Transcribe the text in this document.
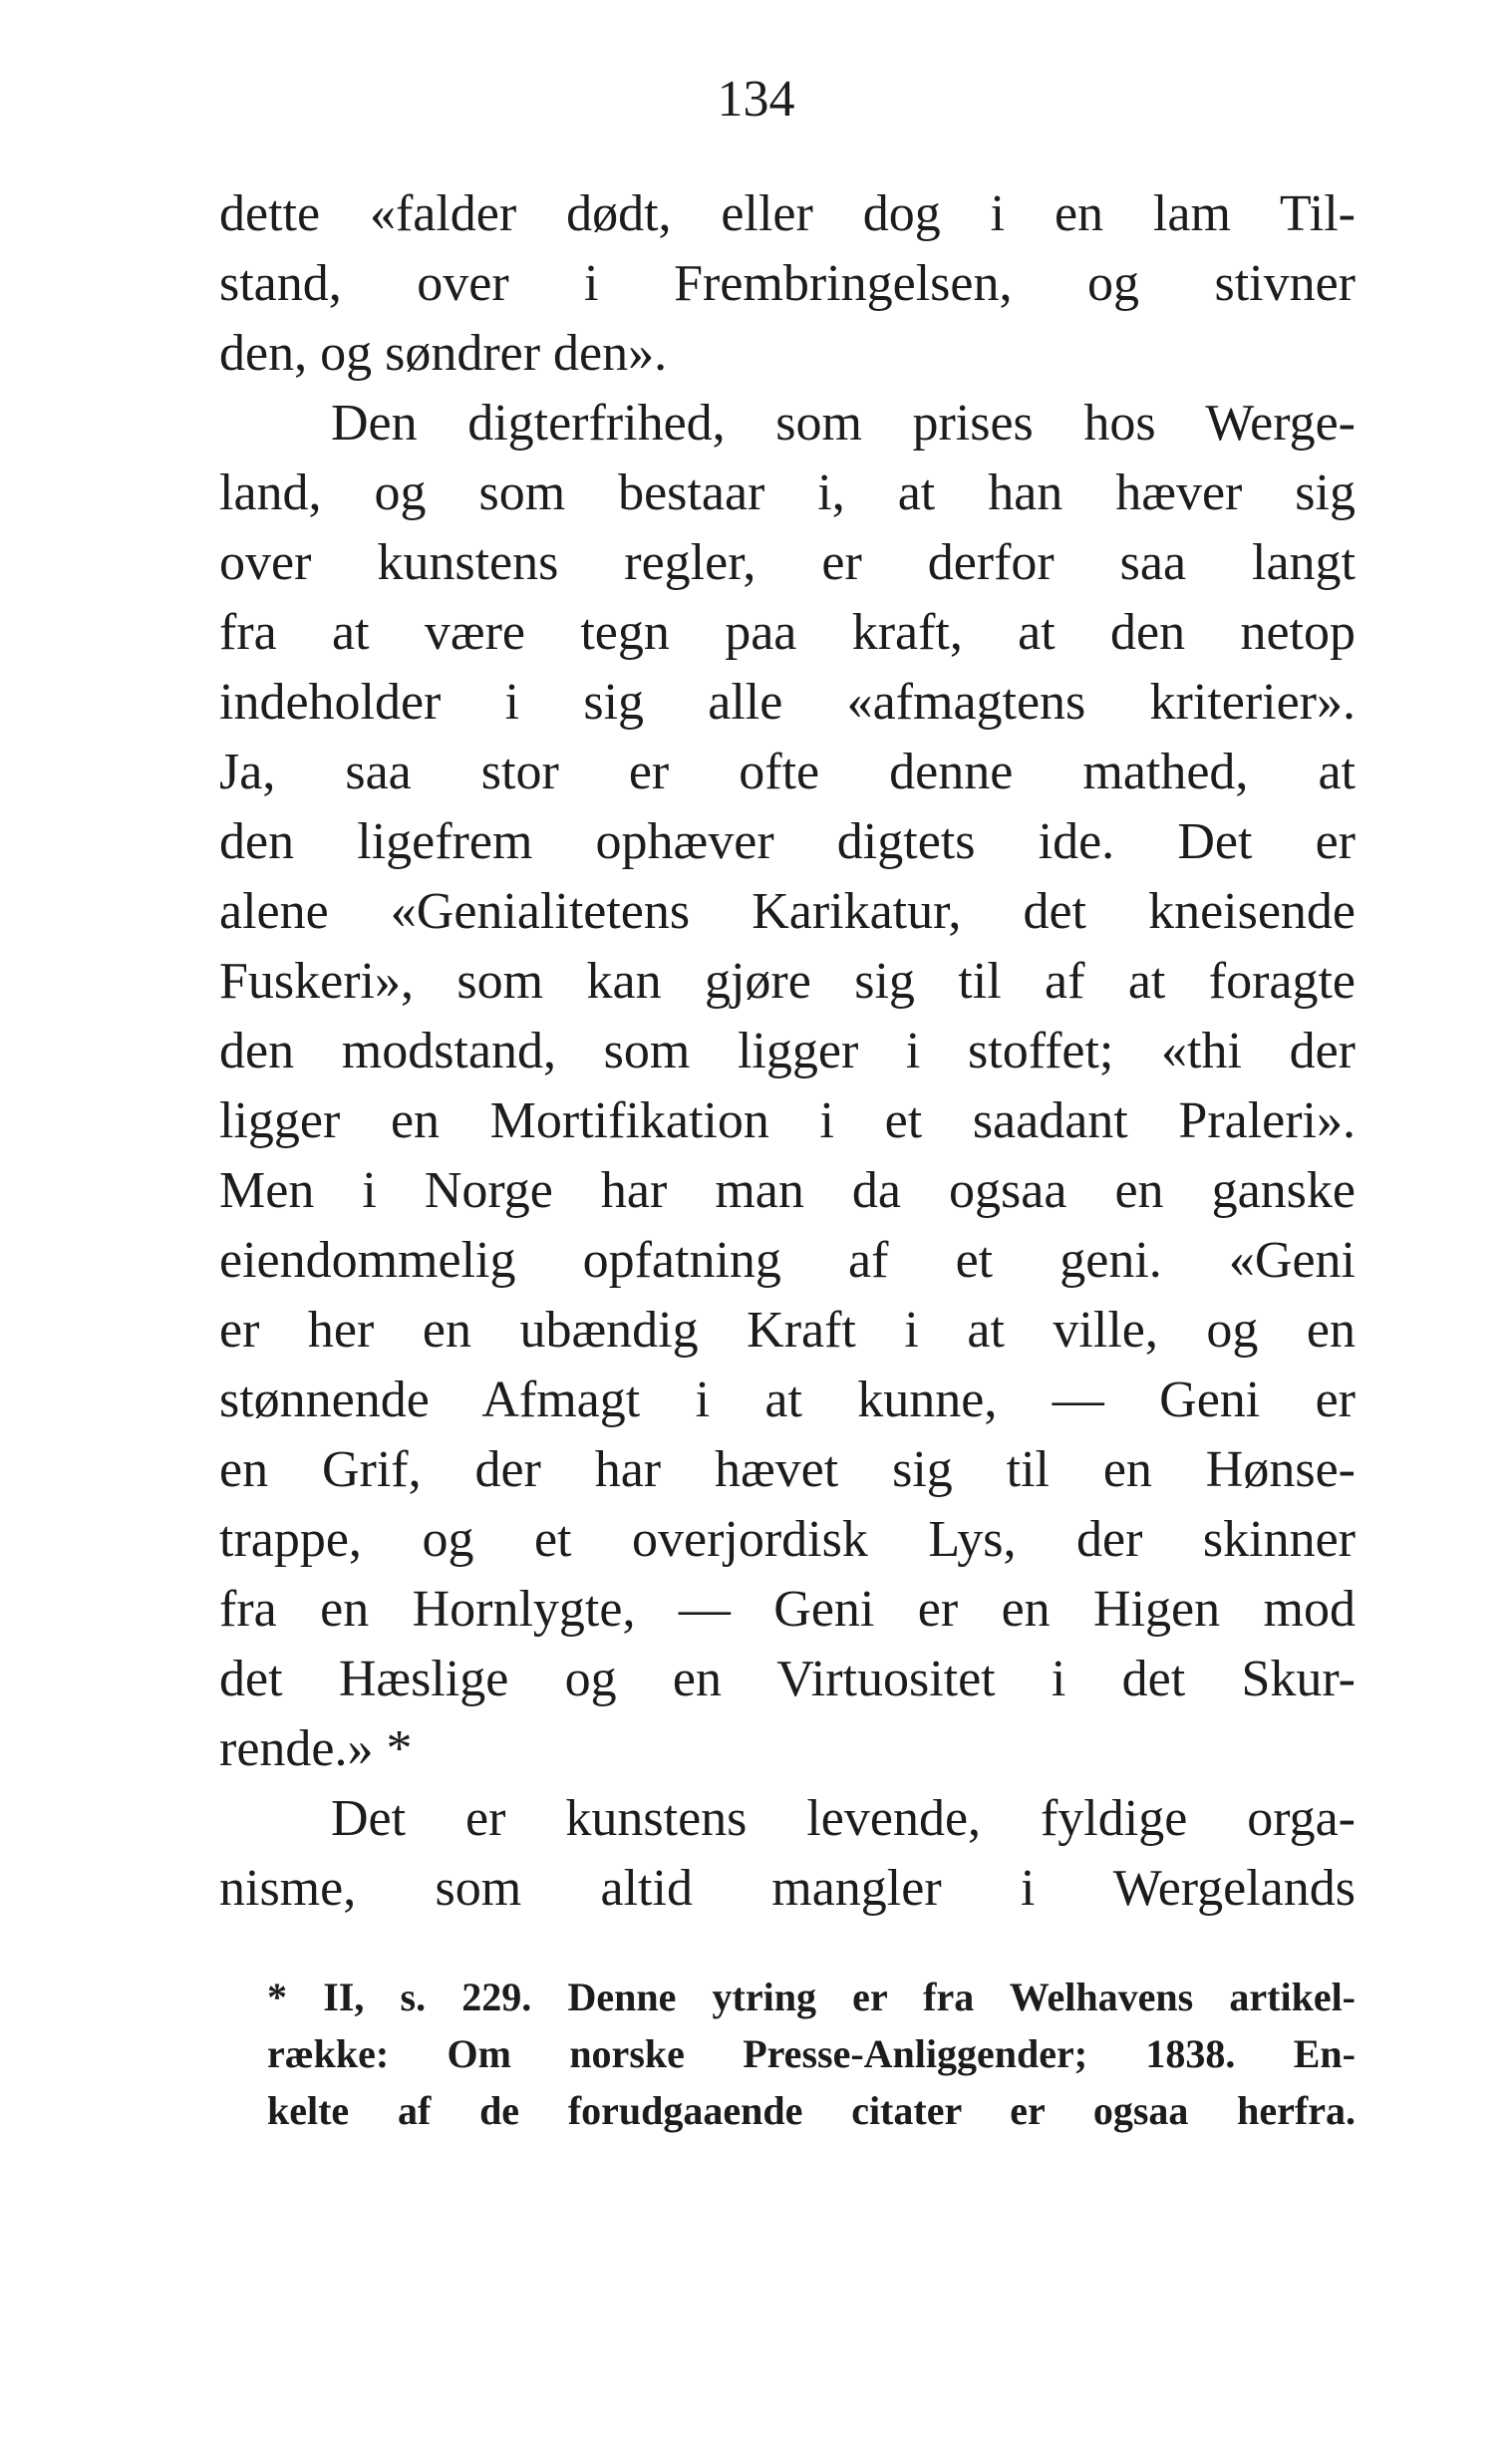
134
dette «falder dødt, eller dog i en lam Til-
stand, over i Frembringelsen, og stivner
den, og søndrer den».
Den digterfrihed, som prises hos Werge-
land, og som bestaar i, at han hæver sig
over kunstens regler, er derfor saa langt
fra at være tegn paa kraft, at den netop
indeholder i sig alle «afmagtens kriterier».
Ja, saa stor er ofte denne mathed, at
den ligefrem ophæver digtets ide. Det er
alene «Genialitetens Karikatur, det kneisende
Fuskeri», som kan gjøre sig til af at foragte
den modstand, som ligger i stoffet; «thi der
ligger en Mortifikation i et saadant Praleri».
Men i Norge har man da ogsaa en ganske
eiendommelig opfatning af et geni. «Geni
er her en ubændig Kraft i at ville, og en
stønnende Afmagt i at kunne, — Geni er
en Grif, der har hævet sig til en Hønse-
trappe, og et overjordisk Lys, der skinner
fra en Hornlygte, — Geni er en Higen mod
det Hæslige og en Virtuositet i det Skur-
rende.» *
Det er kunstens levende, fyldige orga-
nisme, som altid mangler i Wergelands
* II, s. 229. Denne ytring er fra Welhavens artikel-
række: Om norske Presse-Anliggender; 1838. En-
kelte af de forudgaaende citater er ogsaa herfra.
